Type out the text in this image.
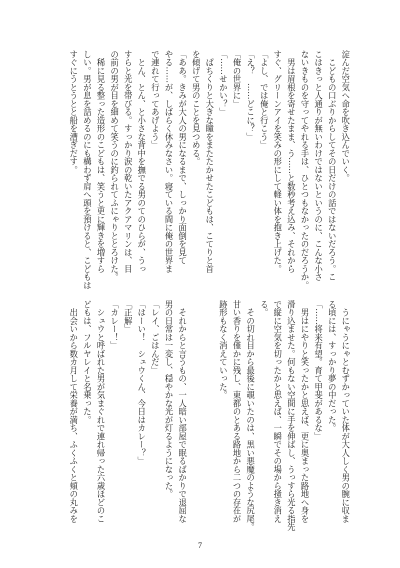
淀んだ空気へ命を吹き込んでいく。
　こどもの口ぶりからしてその日だけの話ではないだろう。こ
こはきっと人通りが無いわけではないというのに、こんな小さ
ないきものを守ってやれる手は、ひとつもなかったのだろうか。
　男は眉根を寄せたまま、う……と数秒考え込み、それから
すぐ、グリーンアイを笑みの形にして軽い体を抱き上げた。
「よし、では俺と行こう」
「え？　……どこに？」
「俺の世界に」
「……せかい？」
　ぱちくりと大きな瞳をまたたかせたこどもは、こてりと首
を傾げて男のことを見つめる。
「ああ。きみが大人の男になるまで、しっかり面倒を見て
やる……が、しばらく休みなさい。寝ている間に俺の世界ま
で連れて行ってあげよう」
　とん、とん、と小さな背中を撫でる男のてのひらが、うっ
すらと光を帯びる。すっかり涙の乾いたアクアマリンは、目
の前の男が目を細めて笑うのに釣られてふにゃりととろけた。
　稀に見る整った造形のこどもは、笑うと更に輝きを増すら
しい。男が息を詰めるのにも構わず肩へ頭を預けると、こどもは
すぐにうとうとと船を漕ぎだす。
　うにゃうにゃとむずかっていた体が大人しく男の腕に収ま
る頃には、すっかり夢の中だった。
「……将来有望。育て甲斐があるな」
　男はにやりと笑ったかと思えば、更に奥まった路地へ身を
滑り込ませた。何もない空間に手を伸ばし、うっすら光る指先
で縦に空気を切ったかと思えば、一瞬でその場から掻き消え
る。
　その切れ目から最後に覗いたのは、黒い悪魔のような尻尾。
甘い香りを僅かに残し、東都のとある路地から二つの存在が
跡形もなく消えていった。
　それからと言うもの、一人暗い部屋で眠るばかりで退屈な
男の日常は一変し、穏やかな光が灯るようになった。
「レイ、ごはんだ」
「はーい！　シュウくん、今日はカレー？」
「正解」
「カレー！」
　シュウと呼ばれた男が気まぐれで連れ帰った六歳ほどのこ
どもは、フルヤレイと名乗った。
　出会いから数カ月して栄養が満ち、ふくふくと頬の丸みを
7
